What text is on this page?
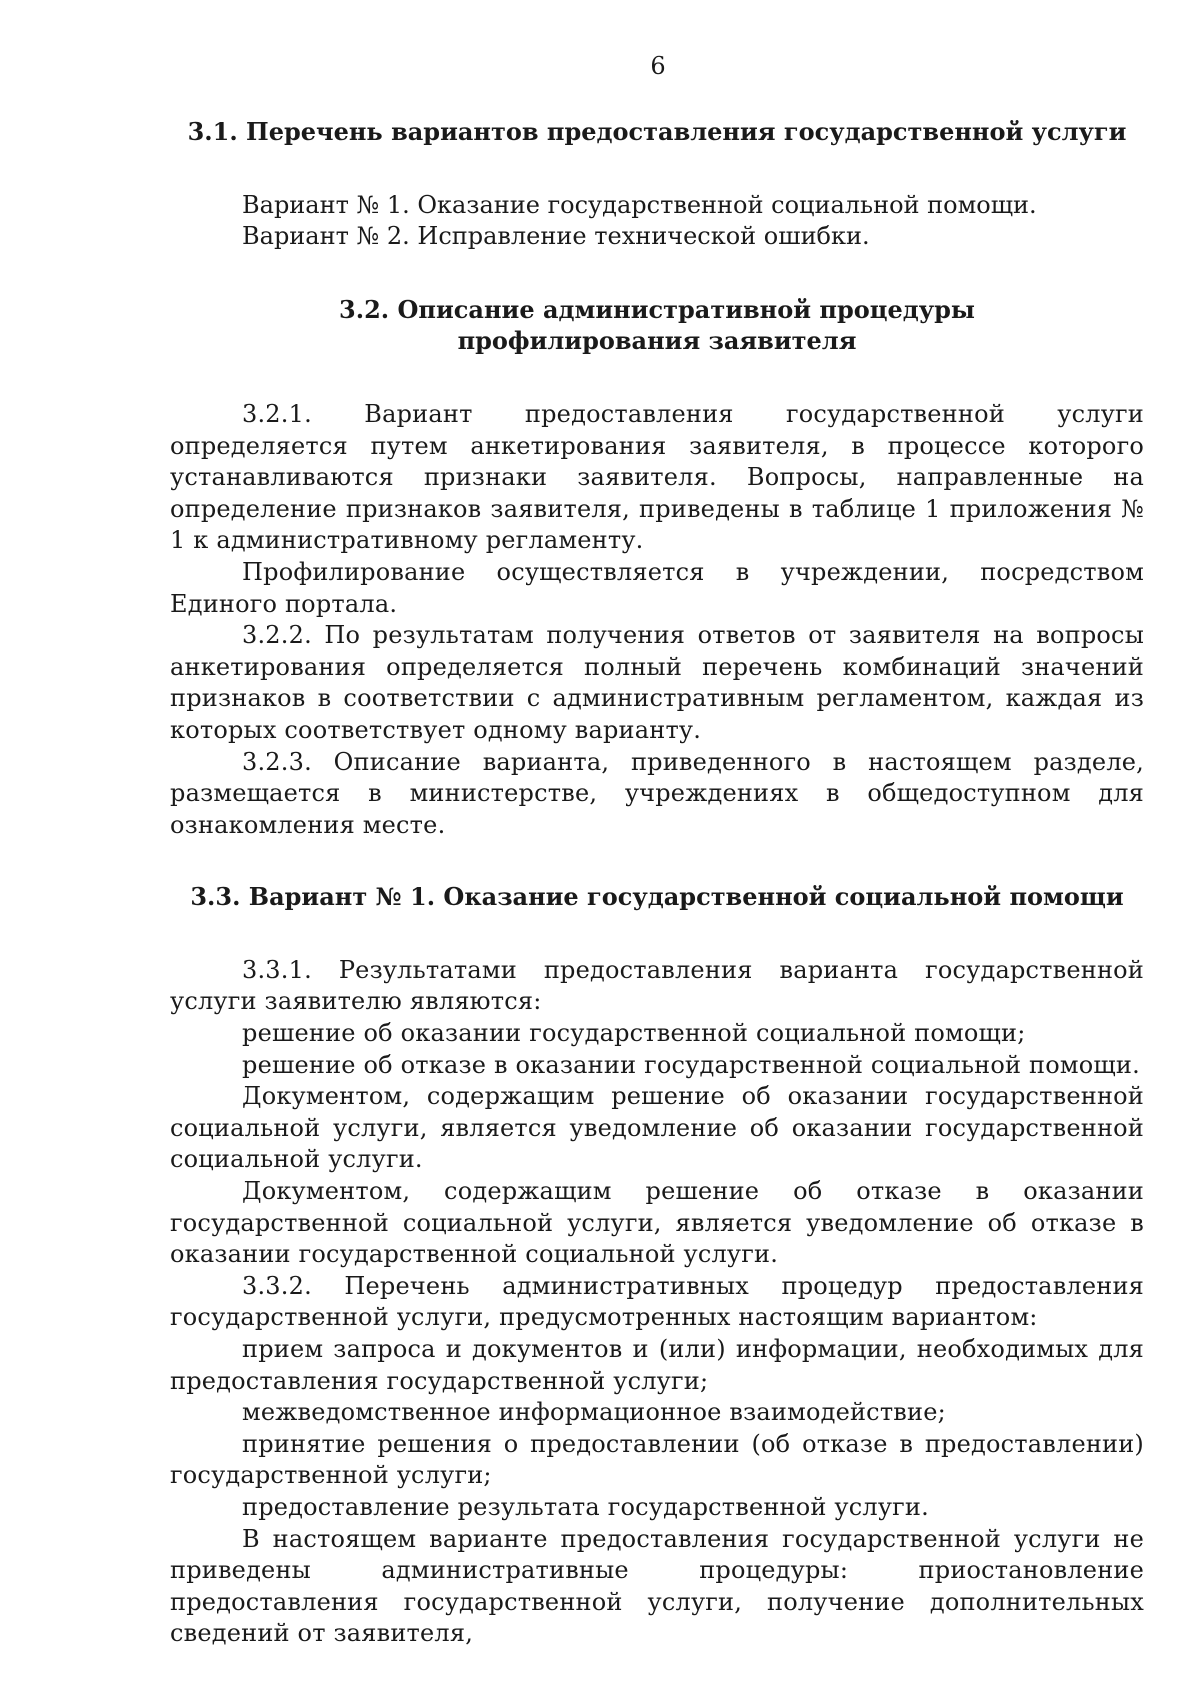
6

3.1. Перечень вариантов предоставления государственной услуги

Вариант № 1. Оказание государственной социальной помощи.

Вариант № 2. Исправление технической ошибки.

3.2. Описание административной процедуры

профилирования заявителя

3.2.1. Вариант предоставления государственной услуги определяется путем анкетирования заявителя, в процессе которого устанавливаются признаки заявителя. Вопросы, направленные на определение признаков заявителя, приведены в таблице 1 приложения № 1 к административному регламенту.

Профилирование осуществляется в учреждении, посредством Единого портала.

3.2.2. По результатам получения ответов от заявителя на вопросы анкетирования определяется полный перечень комбинаций значений признаков в соответствии с административным регламентом, каждая из которых соответствует одному варианту.

3.2.3. Описание варианта, приведенного в настоящем разделе, размещается в министерстве, учреждениях в общедоступном для ознакомления месте.

3.3. Вариант № 1. Оказание государственной социальной помощи

3.3.1. Результатами предоставления варианта государственной услуги заявителю являются:

решение об оказании государственной социальной помощи;

решение об отказе в оказании государственной социальной помощи.

Документом, содержащим решение об оказании государственной социальной услуги, является уведомление об оказании государственной социальной услуги.

Документом, содержащим решение об отказе в оказании государственной социальной услуги, является уведомление об отказе в оказании государственной социальной услуги.

3.3.2. Перечень административных процедур предоставления государственной услуги, предусмотренных настоящим вариантом:

прием запроса и документов и (или) информации, необходимых для предоставления государственной услуги;

межведомственное информационное взаимодействие;

принятие решения о предоставлении (об отказе в предоставлении) государственной услуги;

предоставление результата государственной услуги.

В настоящем варианте предоставления государственной услуги не приведены административные процедуры: приостановление предоставления государственной услуги, получение дополнительных сведений от заявителя,
